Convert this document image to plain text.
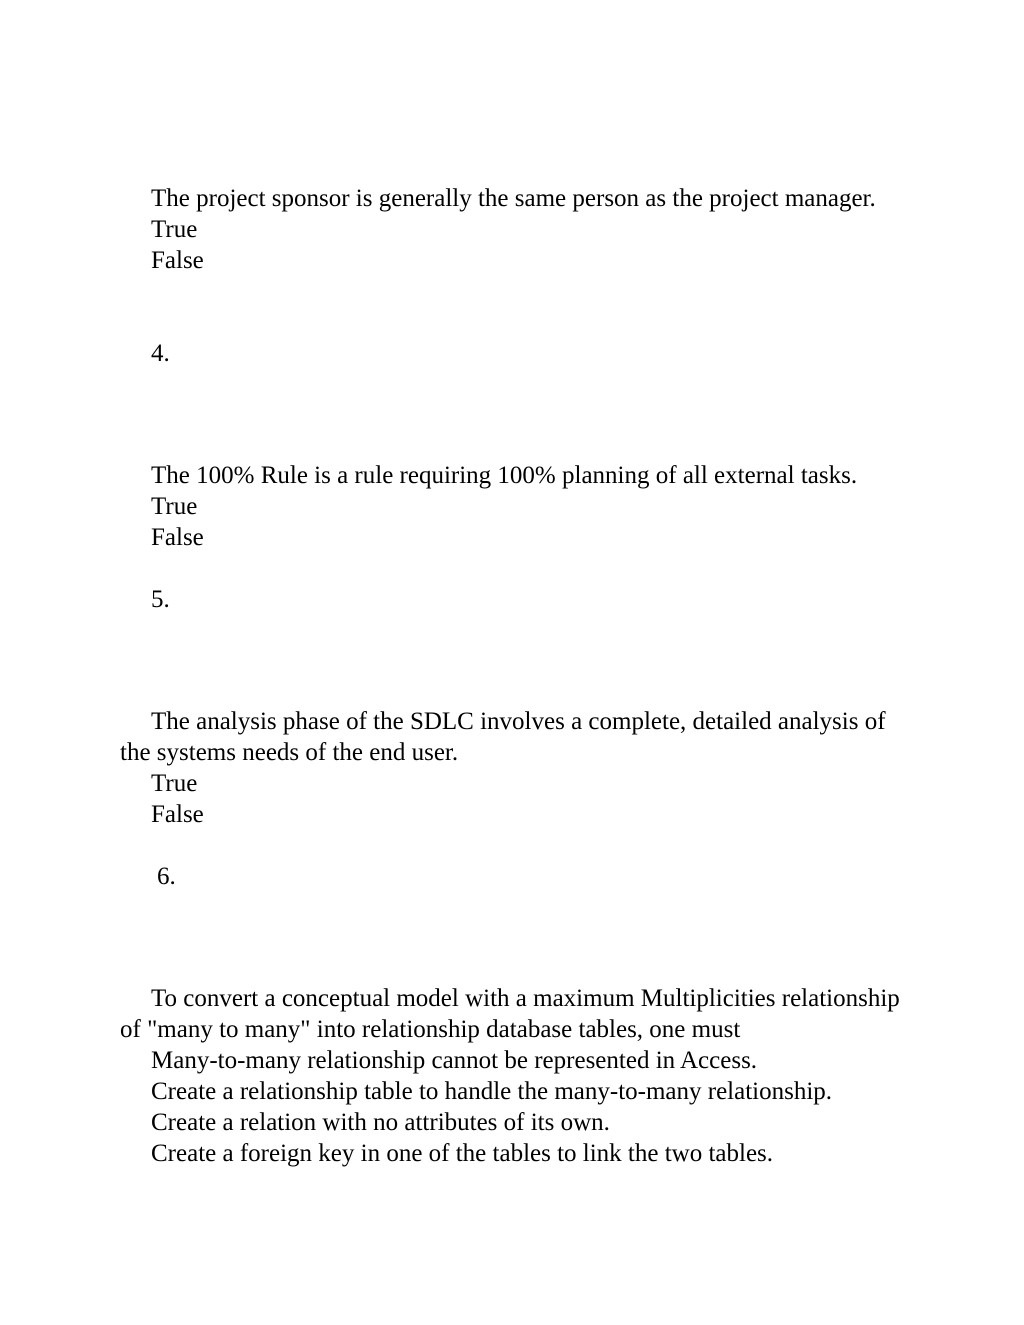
The project sponsor is generally the same person as the project manager.

True

False

4.

The 100% Rule is a rule requiring 100% planning of all external tasks.

True

False

5.

The analysis phase of the SDLC involves a complete, detailed analysis of the systems needs of the end user.

True

False

6.

To convert a conceptual model with a maximum Multiplicities relationship of "many to many" into relationship database tables, one must

Many-to-many relationship cannot be represented in Access.

Create a relationship table to handle the many-to-many relationship.

Create a relation with no attributes of its own.

Create a foreign key in one of the tables to link the two tables.
